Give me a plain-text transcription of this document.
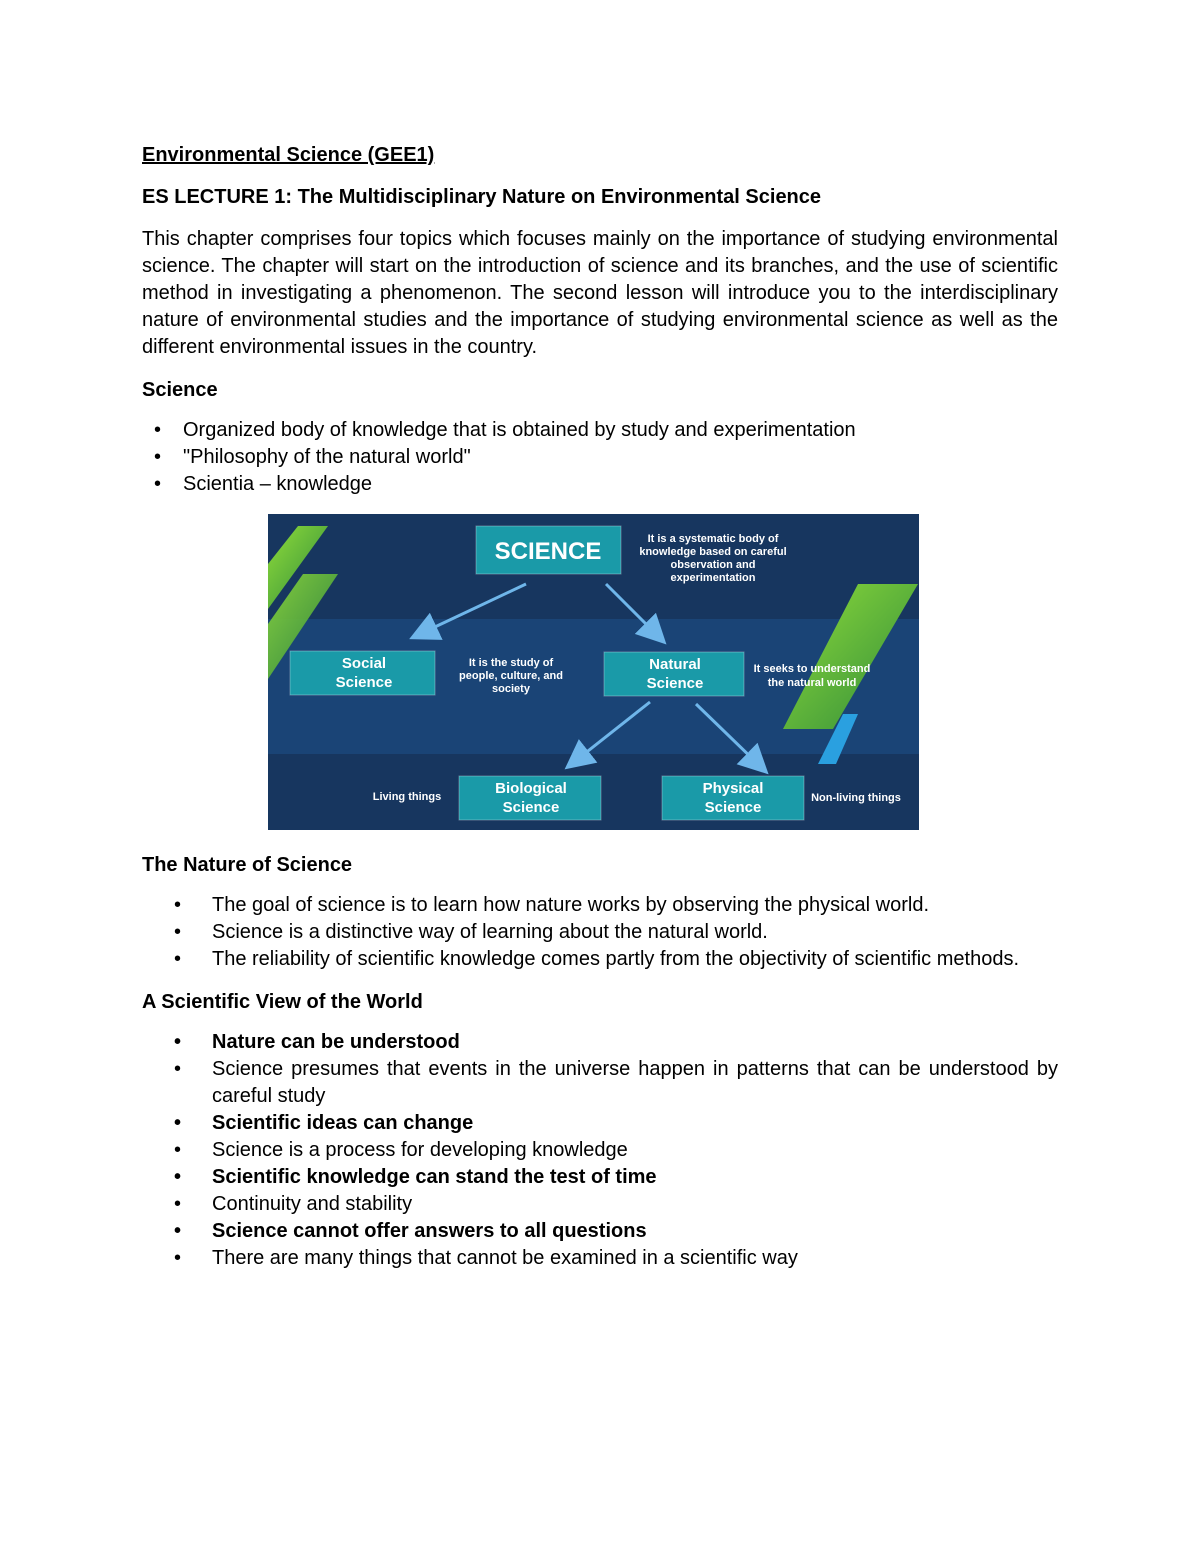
Environmental Science (GEE1)

ES LECTURE 1: The Multidisciplinary Nature on Environmental Science

This chapter comprises four topics which focuses mainly on the importance of studying environmental science. The chapter will start on the introduction of science and its branches, and the use of scientific method in investigating a phenomenon. The second lesson will introduce you to the interdisciplinary nature of environmental studies and the importance of studying environmental science as well as the different environmental issues in the country.

Science

• Organized body of knowledge that is obtained by study and experimentation
• "Philosophy of the natural world"
• Scientia – knowledge
SCIENCE	It is a systematic body of
knowledge based on careful
observation and
experimentation
Social
Science
It is the study of
people, culture, and
society
Natural
Science
It seeks to understand
the natural world
Biological
Science
Living things	Physical
Science
Non-living things

The Nature of Science

• The goal of science is to learn how nature works by observing the physical world.
• Science is a distinctive way of learning about the natural world.
• The reliability of scientific knowledge comes partly from the objectivity of scientific methods.

A Scientific View of the World

• Nature can be understood
• Science presumes that events in the universe happen in patterns that can be understood by careful study
• Scientific ideas can change
• Science is a process for developing knowledge
• Scientific knowledge can stand the test of time
• Continuity and stability
• Science cannot offer answers to all questions
• There are many things that cannot be examined in a scientific way
